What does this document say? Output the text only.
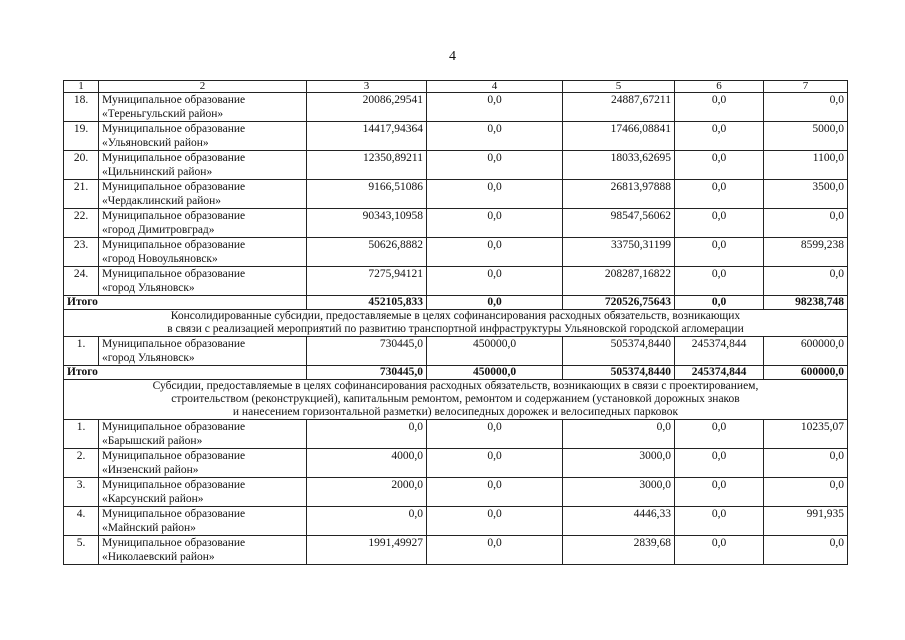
4
1	2	3	4	5	6	7
18.	Муниципальное образование
«Тереньгульский район»	20086,29541	0,0	24887,67211	0,0	0,0
19.	Муниципальное образование
«Ульяновский район»	14417,94364	0,0	17466,08841	0,0	5000,0
20.	Муниципальное образование
«Цильнинский район»	12350,89211	0,0	18033,62695	0,0	1100,0
21.	Муниципальное образование
«Чердаклинский район»	9166,51086	0,0	26813,97888	0,0	3500,0
22.	Муниципальное образование
«город Димитровград»	90343,10958	0,0	98547,56062	0,0	0,0
23.	Муниципальное образование
«город Новоульяновск»	50626,8882	0,0	33750,31199	0,0	8599,238
24.	Муниципальное образование
«город Ульяновск»	7275,94121	0,0	208287,16822	0,0	0,0
Итого		452105,833	0,0	720526,75643	0,0	98238,748

Консолидированные субсидии, предоставляемые в целях софинансирования расходных обязательств, возникающих
в связи с реализацией мероприятий по развитию транспортной инфраструктуры Ульяновской городской агломерации						

1.	Муниципальное образование
«город Ульяновск»	730445,0	450000,0	505374,8440	245374,844	600000,0
Итого		730445,0	450000,0	505374,8440	245374,844	600000,0

Субсидии, предоставляемые в целях софинансирования расходных обязательств, возникающих в связи с проектированием,
строительством (реконструкцией), капитальным ремонтом, ремонтом и содержанием (установкой дорожных знаков
и нанесением горизонтальной разметки) велосипедных дорожек и велосипедных парковок						

1.	Муниципальное образование
«Барышский район»	0,0	0,0	0,0	0,0	10235,07
2.	Муниципальное образование
«Инзенский район»	4000,0	0,0	3000,0	0,0	0,0
3.	Муниципальное образование
«Карсунский район»	2000,0	0,0	3000,0	0,0	0,0
4.	Муниципальное образование
«Майнский район»	0,0	0,0	4446,33	0,0	991,935
5.	Муниципальное образование
«Николаевский район»	1991,49927	0,0	2839,68	0,0	0,0
